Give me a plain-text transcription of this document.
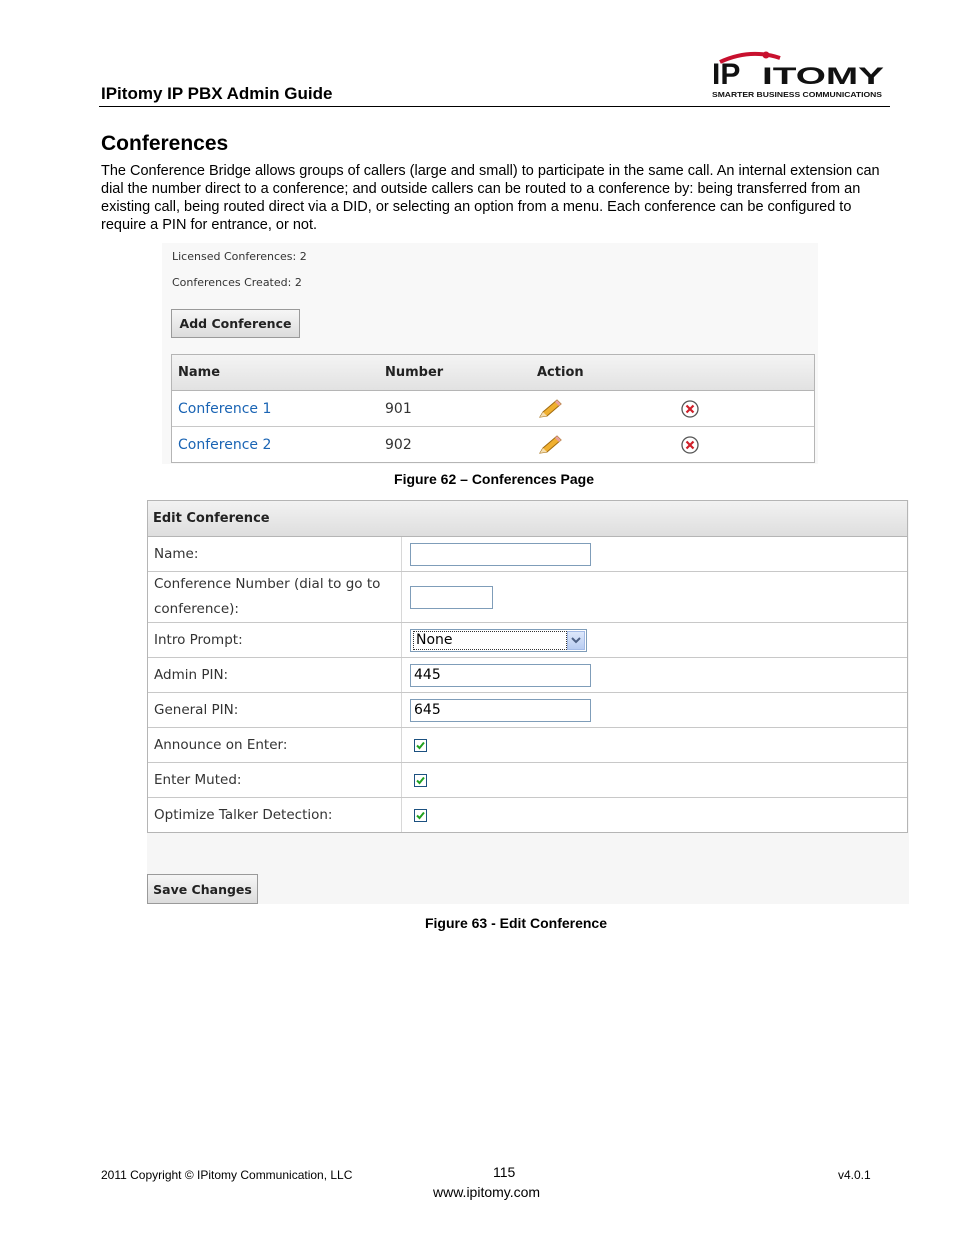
IPitomy IP PBX Admin Guide
IP ITOMY
SMARTER BUSINESS COMMUNICATIONS
Conferences
The Conference Bridge allows groups of callers (large and small) to participate in the same call. An internal extension can dial the number direct to a conference; and outside callers can be routed to a conference by: being transferred from an existing call, being routed direct via a DID, or selecting an option from a menu. Each conference can be configured to require a PIN for entrance, or not.
Licensed Conferences: 2
Conferences Created: 2
Add Conference
Name	Number	Action
Conference 1	901
Conference 2	902
Figure 62 – Conferences Page
Edit Conference
Name:
Conference Number (dial to go to conference):
Intro Prompt:	None
Admin PIN:	445
General PIN:	645
Announce on Enter:
Enter Muted:
Optimize Talker Detection:
Save Changes
Figure 63 - Edit Conference
2011 Copyright © IPitomy Communication, LLC	115	v4.0.1
www.ipitomy.com
